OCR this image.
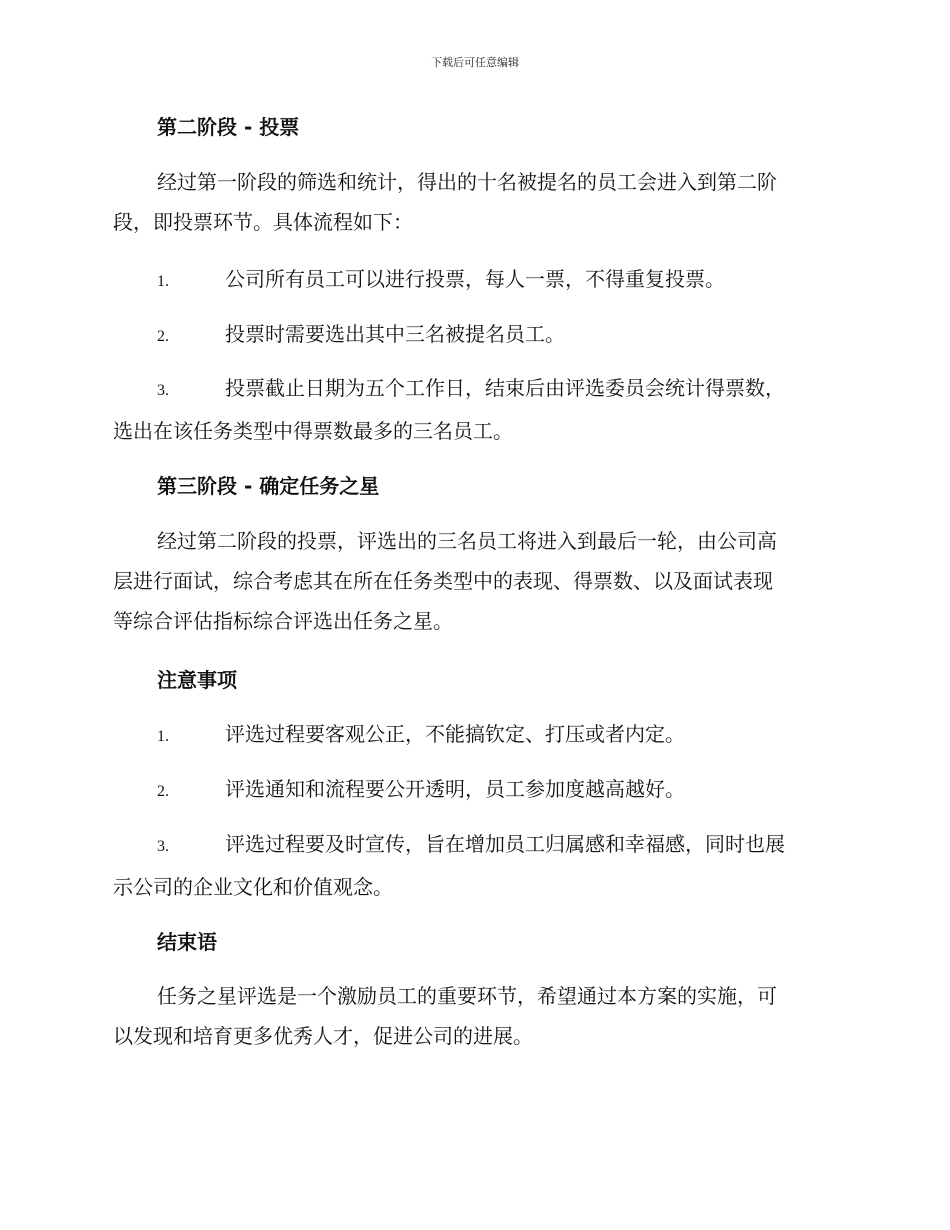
下载后可任意编辑
第二阶段 - 投票
经过第一阶段的筛选和统计，得出的十名被提名的员工会进入到第二阶
段，即投票环节。具体流程如下：
1.	公司所有员工可以进行投票，每人一票，不得重复投票。
2.	投票时需要选出其中三名被提名员工。
3.	投票截止日期为五个工作日，结束后由评选委员会统计得票数，
选出在该任务类型中得票数最多的三名员工。
第三阶段 - 确定任务之星
经过第二阶段的投票，评选出的三名员工将进入到最后一轮，由公司高
层进行面试，综合考虑其在所在任务类型中的表现、得票数、以及面试表现
等综合评估指标综合评选出任务之星。
注意事项
1.	评选过程要客观公正，不能搞钦定、打压或者内定。
2.	评选通知和流程要公开透明，员工参加度越高越好。
3.	评选过程要及时宣传，旨在增加员工归属感和幸福感，同时也展
示公司的企业文化和价值观念。
结束语
任务之星评选是一个激励员工的重要环节，希望通过本方案的实施，可
以发现和培育更多优秀人才，促进公司的进展。
